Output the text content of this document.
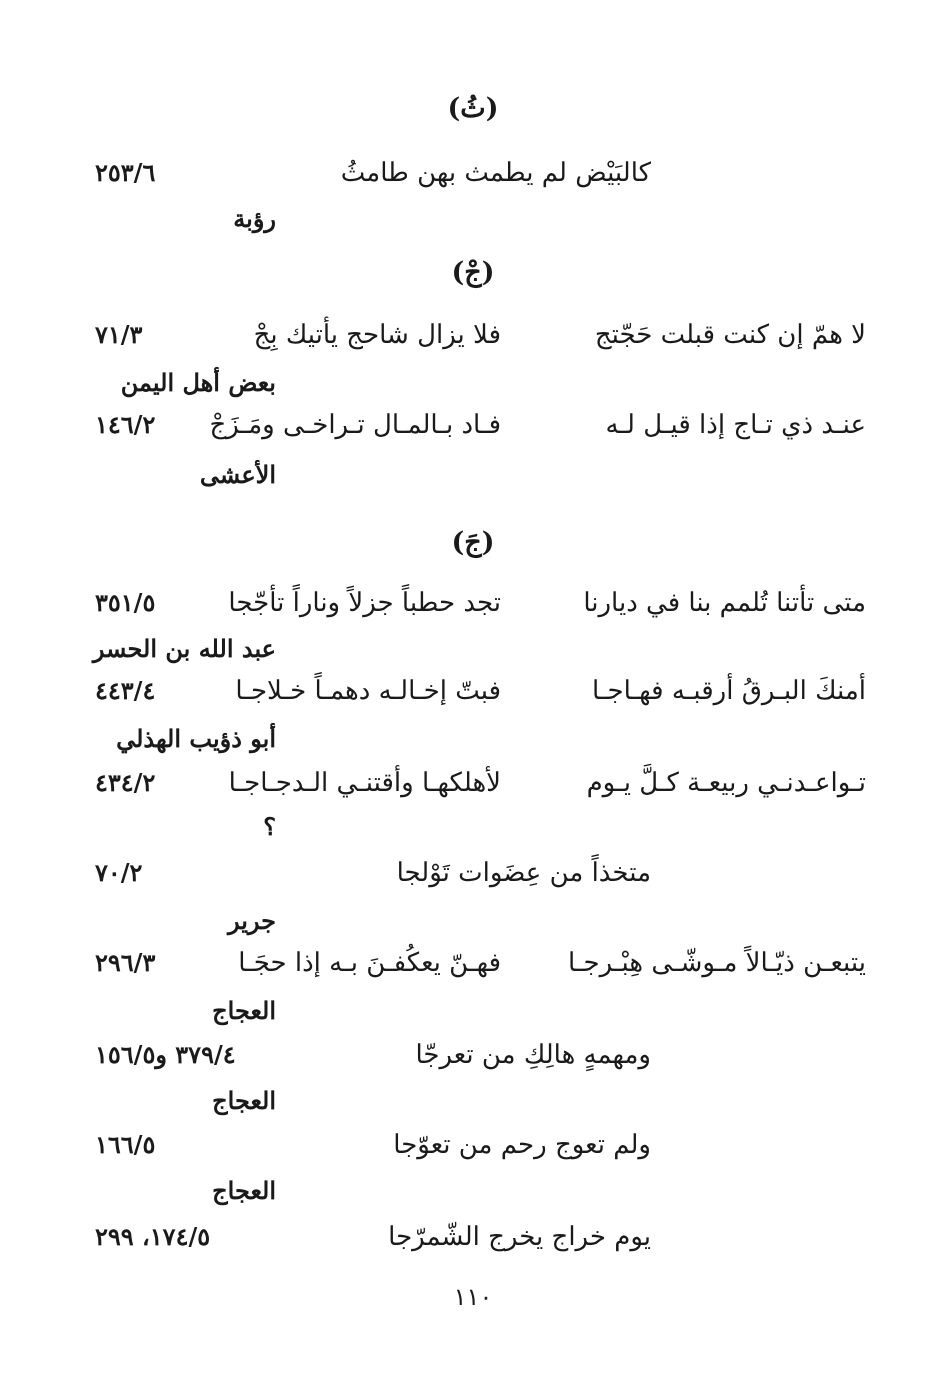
(ثُ)
كالبَيْض لم يطمث بهن طامثُ
٢٥٣/٦
رؤبة
(جْ)
لا همّ إن كنت قبلت حَجّتج
فلا يزال شاحج يأتيك بِجْ
٧١/٣
بعض أهل اليمن
عنـد ذي تـاج إذا قيـل لـه
فـاد بـالمـال تـراخـى ومَـزَجْ
١٤٦/٢
الأعشى
(جَ)
متى تأتنا تُلمم بنا في ديارنا
تجد حطباً جزلاً وناراً تأجّجا
٣٥١/٥
عبد الله بن الحسر
أمنكَ البـرقُ أرقبـه فهـاجـا
فبتّ إخـالـه دهمـاً خـلاجـا
٤٤٣/٤
أبو ذؤيب الهذلي
تـواعـدنـي ربيعـة كـلَّ يـوم
لأهلكهـا وأقتنـي الـدجـاجـا
٤٣٤/٢
؟
متخذاً من عِضَوات تَوْلجا
٧٠/٢
جرير
يتبعـن ذيّـالاً مـوشّـى هِبْـرجـا
فهـنّ يعكُفـنَ بـه إذا حجَـا
٢٩٦/٣
العجاج
ومهمهٍ هالِكِ من تعرجّا
٣٧٩/٤ و١٥٦/٥
العجاج
ولم تعوج رحم من تعوّجا
١٦٦/٥
العجاج
يوم خراج يخرج الشّمرّجا
١٧٤/٥، ٢٩٩
١١٠
